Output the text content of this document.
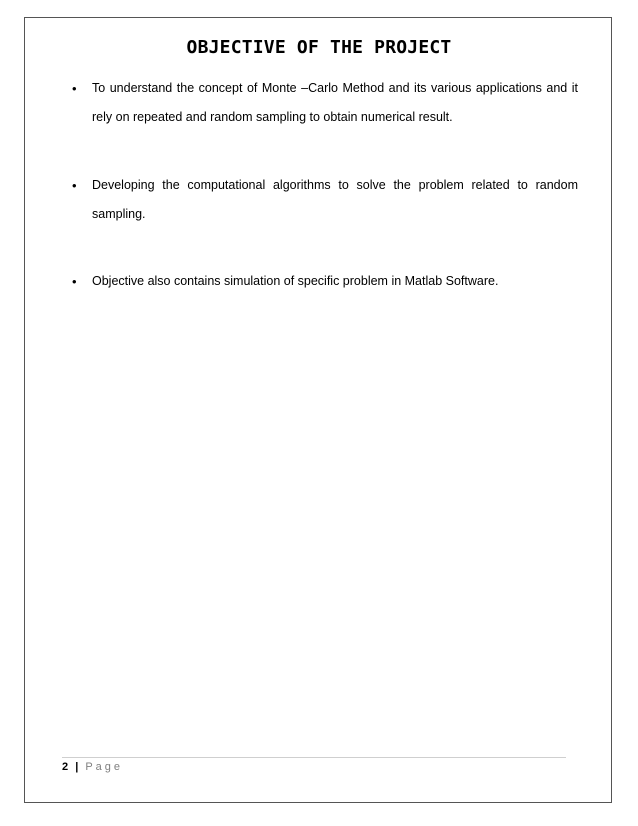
OBJECTIVE OF THE PROJECT
•	To understand the concept of Monte –Carlo Method and its various applications and it rely on repeated and random sampling to obtain numerical result.
•	Developing the computational algorithms to solve the problem related to random sampling.
•	Objective also contains simulation of specific problem in Matlab Software.
2 | Page
